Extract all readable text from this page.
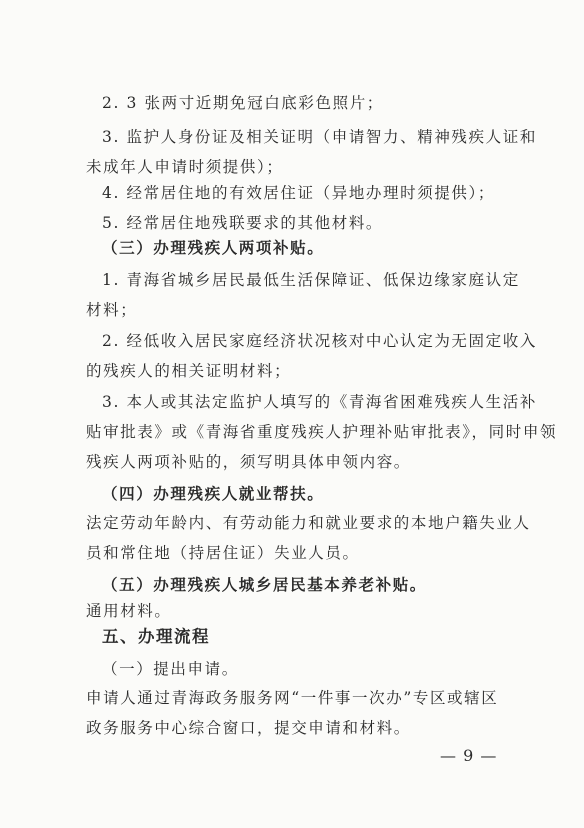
2. 3 张两寸近期免冠白底彩色照片；
3. 监护人身份证及相关证明（申请智力、精神残疾人证和
未成年人申请时须提供）；
4. 经常居住地的有效居住证（异地办理时须提供）；
5. 经常居住地残联要求的其他材料。
（三）办理残疾人两项补贴。
1. 青海省城乡居民最低生活保障证、低保边缘家庭认定
材料；
2. 经低收入居民家庭经济状况核对中心认定为无固定收入
的残疾人的相关证明材料；
3. 本人或其法定监护人填写的《青海省困难残疾人生活补
贴审批表》或《青海省重度残疾人护理补贴审批表》，同时申领
残疾人两项补贴的，须写明具体申领内容。
（四）办理残疾人就业帮扶。
法定劳动年龄内、有劳动能力和就业要求的本地户籍失业人
员和常住地（持居住证）失业人员。
（五）办理残疾人城乡居民基本养老补贴。
通用材料。
五、办理流程
（一）提出申请。
申请人通过青海政务服务网“一件事一次办”专区或辖区
政务服务中心综合窗口，提交申请和材料。
— 9 —
